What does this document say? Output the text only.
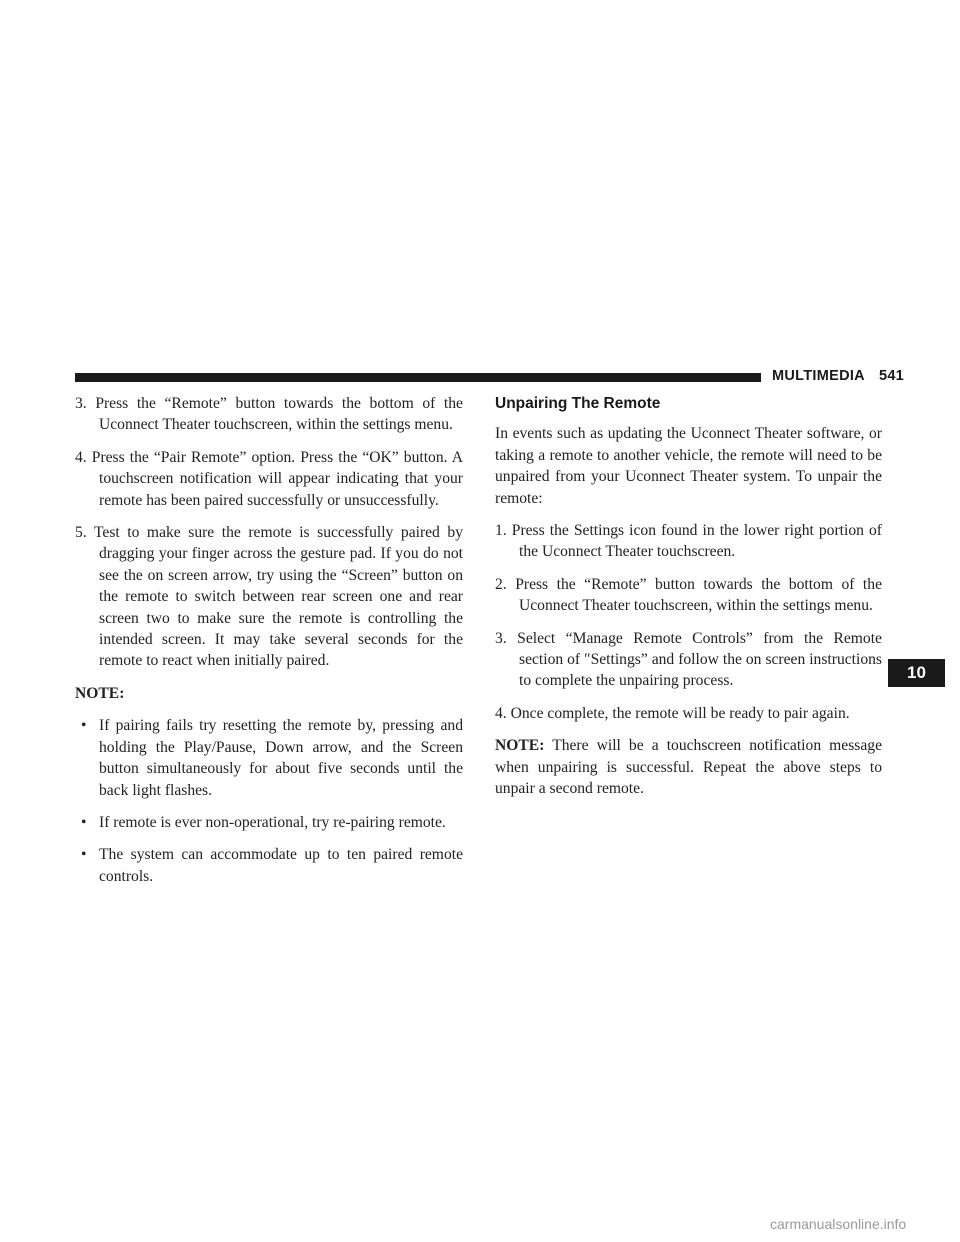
MULTIMEDIA 541
3. Press the “Remote” button towards the bottom of the Uconnect Theater touchscreen, within the settings menu.
4. Press the “Pair Remote” option. Press the “OK” button. A touchscreen notification will appear indicating that your remote has been paired successfully or unsuccessfully.
5. Test to make sure the remote is successfully paired by dragging your finger across the gesture pad. If you do not see the on screen arrow, try using the “Screen” button on the remote to switch between rear screen one and rear screen two to make sure the remote is controlling the intended screen. It may take several seconds for the remote to react when initially paired.
NOTE:
• If pairing fails try resetting the remote by, pressing and holding the Play/Pause, Down arrow, and the Screen button simultaneously for about five seconds until the back light flashes.
• If remote is ever non-operational, try re-pairing remote.
• The system can accommodate up to ten paired remote controls.
Unpairing The Remote
In events such as updating the Uconnect Theater software, or taking a remote to another vehicle, the remote will need to be unpaired from your Uconnect Theater system. To unpair the remote:
1. Press the Settings icon found in the lower right portion of the Uconnect Theater touchscreen.
2. Press the “Remote” button towards the bottom of the Uconnect Theater touchscreen, within the settings menu.
3. Select “Manage Remote Controls” from the Remote section of ″Settings” and follow the on screen instructions to complete the unpairing process.
4. Once complete, the remote will be ready to pair again.
NOTE: There will be a touchscreen notification message when unpairing is successful. Repeat the above steps to unpair a second remote.
10
carmanualsonline.info
